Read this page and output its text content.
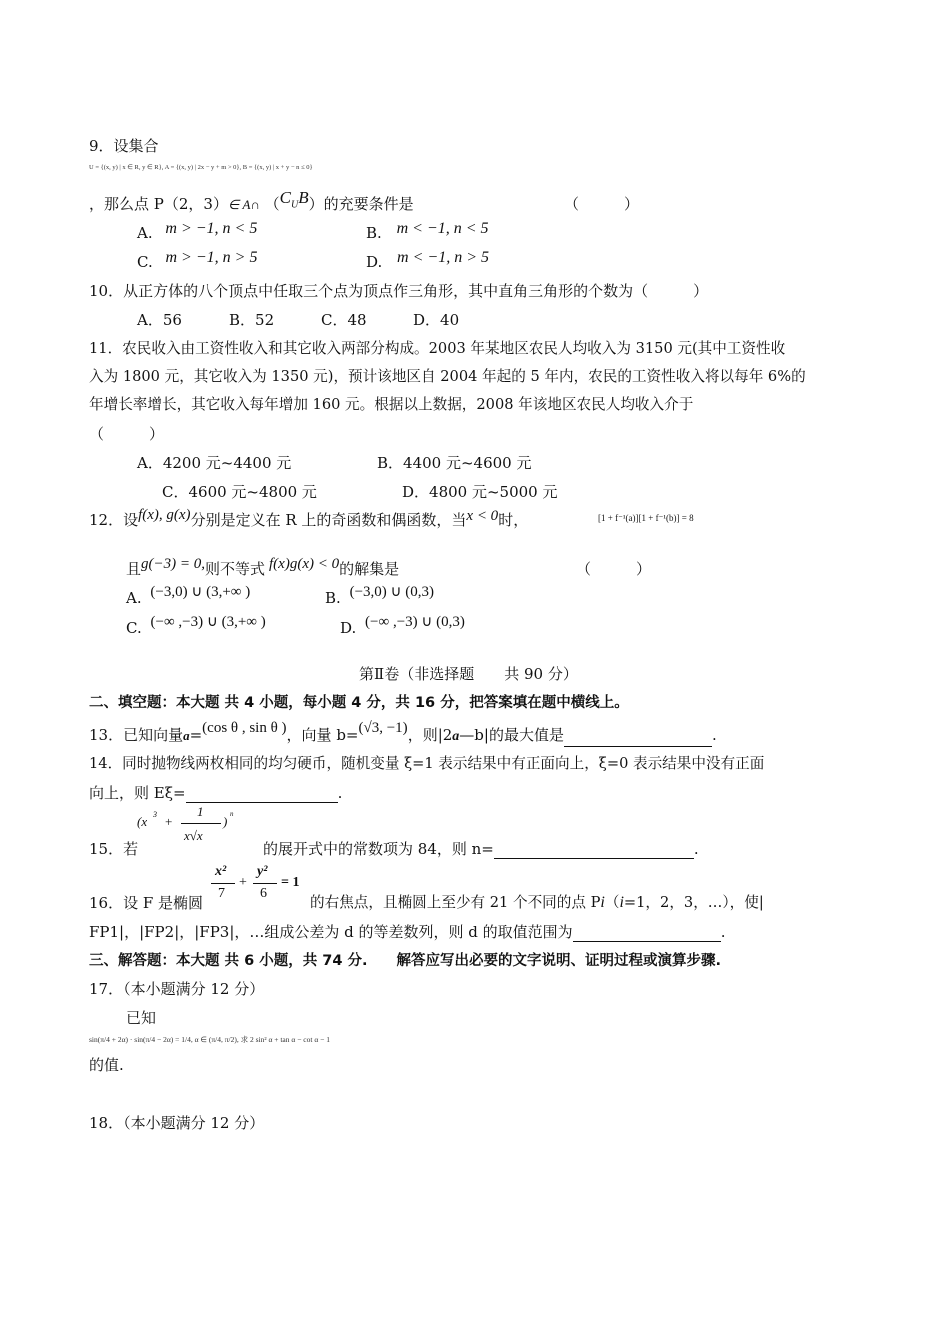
9．设集合
U = {(x, y) | x ∈ R, y ∈ R}, A = {(x, y) | 2x − y + m > 0}, B = {(x, y) | x + y − n ≤ 0}
，那么点 P（2，3）∈ A∩ $(C_UB)$的充要条件是	（　　　）
A. m > −1, n < 5	B. m < −1, n < 5
C. m > −1, n > 5	D. m < −1, n > 5
10．从正方体的八个顶点中任取三个点为顶点作三角形，其中直角三角形的个数为（　　　）
A．56	B．52	C．48	D．40
11．农民收入由工资性收入和其它收入两部分构成。2003 年某地区农民人均收入为 3150 元(其中工资性收
入为 1800 元，其它收入为 1350 元)，预计该地区自 2004 年起的 5 年内，农民的工资性收入将以每年 6%的
年增长率增长，其它收入每年增加 160 元。根据以上数据，2008 年该地区农民人均收入介于
（　　　）
A．4200 元~4400 元	B．4400 元~4600 元
C．4600 元~4800 元	D．4800 元~5000 元
12．设f(x), g(x)分别是定义在 R 上的奇函数和偶函数，当x < 0时，	[1 + f⁻¹(a)][1 + f⁻¹(b)] = 8
且g(−3) = 0,则不等式 f(x)g(x) < 0的解集是	（　　　）
A. (−3,0) ∪ (3,+∞ )	B. (−3,0) ∪ (0,3)
C. (−∞ ,−3) ∪ (3,+∞ )	D. (−∞ ,−3) ∪ (0,3)
第Ⅱ卷（非选择题　　共 90 分）
二、填空题：本大题 共 4 小题，每小题 4 分，共 16 分，把答案填在题中横线上。
13．已知向量a=(cos θ , sin θ )，向量 b=(√3, −1)，则|2a—b|的最大值是	.
14．同时抛物线两枚相同的均匀硬币，随机变量 ξ=1 表示结果中有正面向上，ξ=0 表示结果中没有正面
向上，则 Eξ=	.
15．若
(x 3 +
1
x√x
) n
的展开式中的常数项为 84，则 n=	.
16．设 F 是椭圆
x²
7
+
y²
6
= 1
的右焦点，且椭圆上至少有 21 个不同的点 Pi（i=1，2，3，…），使|
FP1|，|FP2|，|FP3|，…组成公差为 d 的等差数列，则 d 的取值范围为	.
三、解答题：本大题 共 6 小题，共 74 分.　　解答应写出必要的文字说明、证明过程或演算步骤.
17．（本小题满分 12 分）
已知
sin(π/4 + 2α) · sin(π/4 − 2α) = 1/4, α ∈ (π/4, π/2), 求 2 sin² α + tan α − cot α − 1
的值.
18．（本小题满分 12 分）
